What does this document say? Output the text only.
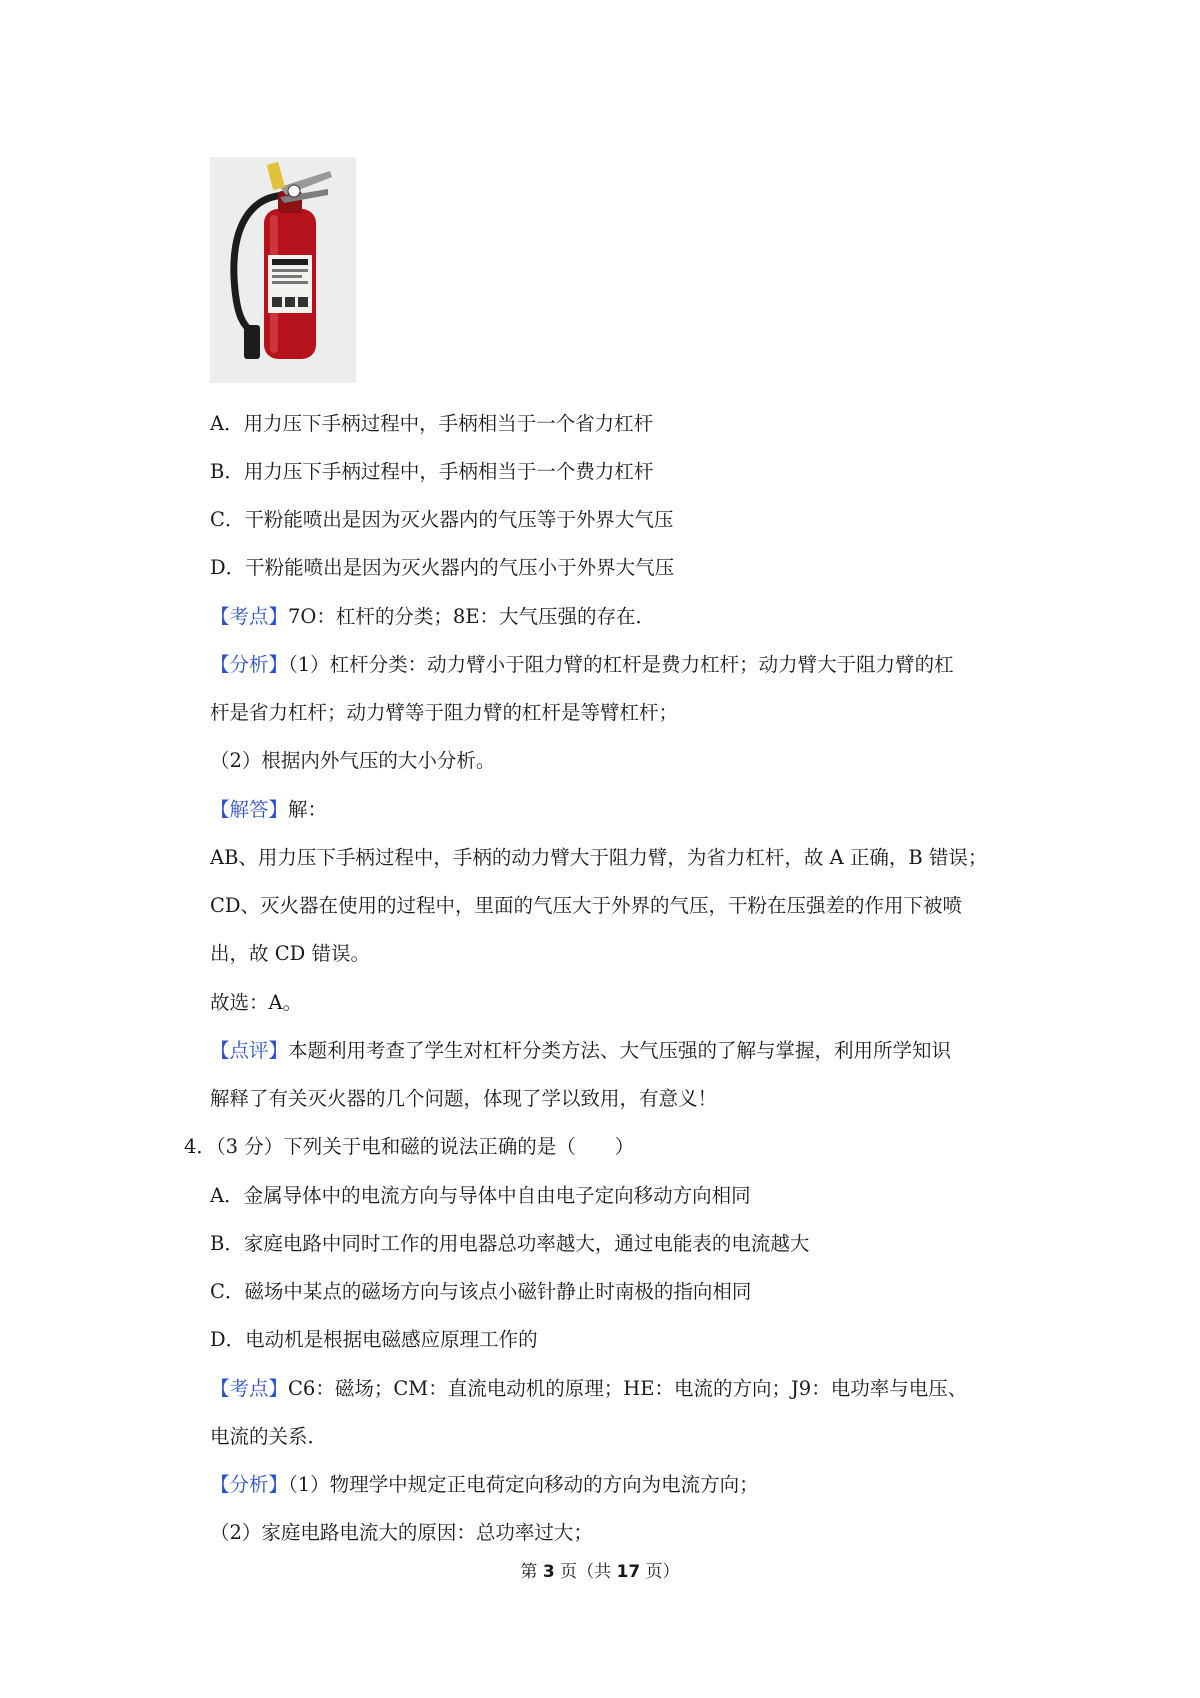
A．用力压下手柄过程中，手柄相当于一个省力杠杆
B．用力压下手柄过程中，手柄相当于一个费力杠杆
C．干粉能喷出是因为灭火器内的气压等于外界大气压
D．干粉能喷出是因为灭火器内的气压小于外界大气压
【考点】7O：杠杆的分类；8E：大气压强的存在．
【分析】（1）杠杆分类：动力臂小于阻力臂的杠杆是费力杠杆；动力臂大于阻力臂的杠
杆是省力杠杆；动力臂等于阻力臂的杠杆是等臂杠杆；
（2）根据内外气压的大小分析。
【解答】解：
AB、用力压下手柄过程中，手柄的动力臂大于阻力臂，为省力杠杆，故 A 正确，B 错误；
CD、灭火器在使用的过程中，里面的气压大于外界的气压，干粉在压强差的作用下被喷
出，故 CD 错误。
故选：A。
【点评】本题利用考查了学生对杠杆分类方法、大气压强的了解与掌握，利用所学知识
解释了有关灭火器的几个问题，体现了学以致用，有意义！
4．（3 分）下列关于电和磁的说法正确的是（　　）
A．金属导体中的电流方向与导体中自由电子定向移动方向相同
B．家庭电路中同时工作的用电器总功率越大，通过电能表的电流越大
C．磁场中某点的磁场方向与该点小磁针静止时南极的指向相同
D．电动机是根据电磁感应原理工作的
【考点】C6：磁场；CM：直流电动机的原理；HE：电流的方向；J9：电功率与电压、
电流的关系．
【分析】（1）物理学中规定正电荷定向移动的方向为电流方向；
（2）家庭电路电流大的原因：总功率过大；
第 3 页（共 17 页）
